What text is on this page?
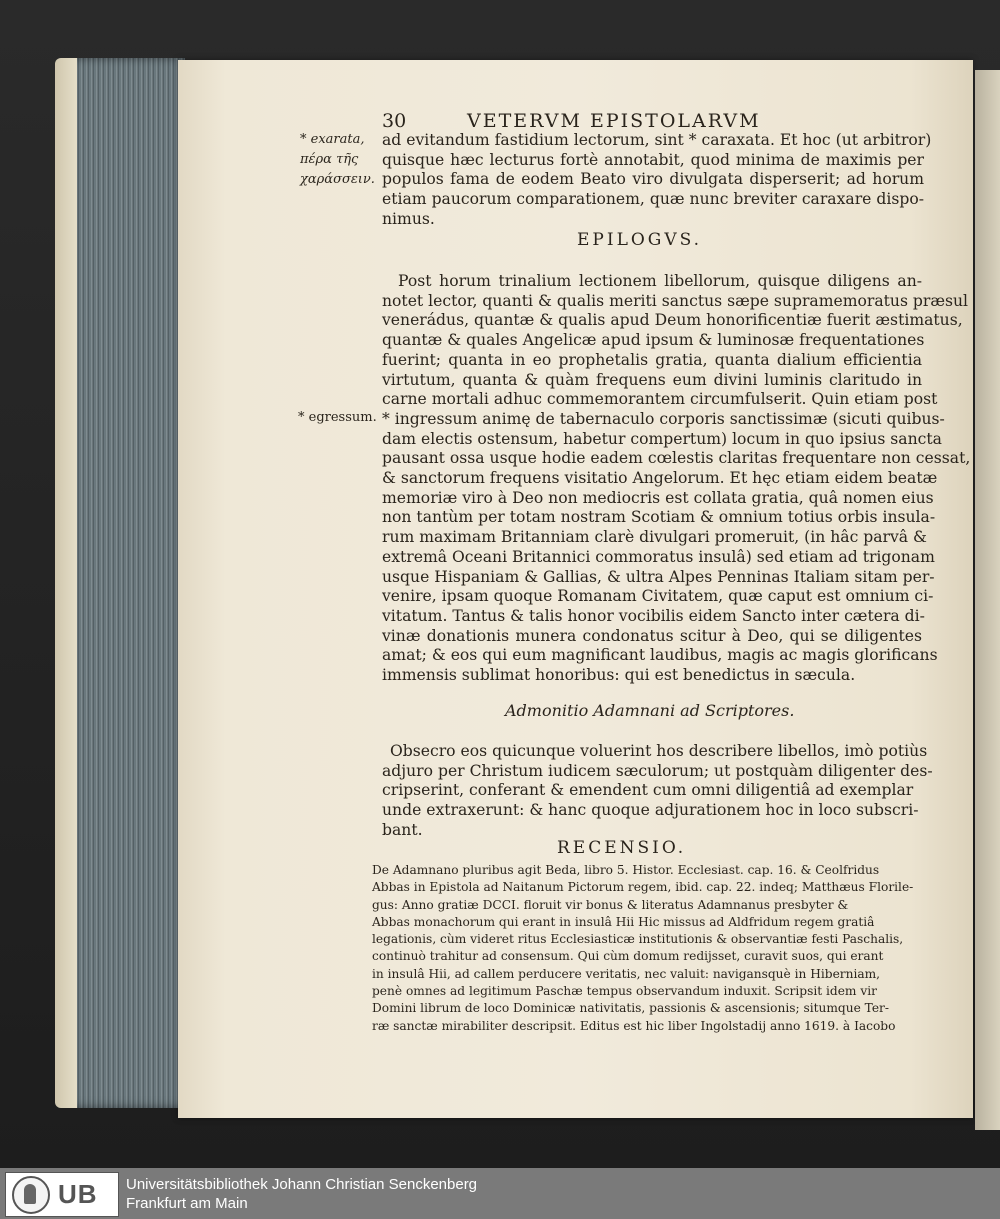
30	VETERVM EPISTOLARVM
* exarata,
πέρα τῆς
χαράσσειν.
ad evitandum fastidium lectorum, sint * caraxata. Et hoc (ut arbitror)
quisque hæc lecturus fortè annotabit, quod minima de maximis per
populos fama de eodem Beato viro divulgata disperserit; ad horum
etiam paucorum comparationem, quæ nunc breviter caraxare dispo-
nimus.
EPILOGVS.
* egressum.
Post horum trinalium lectionem libellorum, quisque diligens an-
notet lector, quanti & qualis meriti sanctus sæpe supramemoratus præsul
venerádus, quantæ & qualis apud Deum honorificentiæ fuerit æstimatus,
quantæ & quales Angelicæ apud ipsum & luminosæ frequentationes
fuerint; quanta in eo prophetalis gratia, quanta dialium efficientia
virtutum, quanta & quàm frequens eum divini luminis claritudo in
carne mortali adhuc commemorantem circumfulserit. Quin etiam post
* ingressum animę de tabernaculo corporis sanctissimæ (sicuti quibus-
dam electis ostensum, habetur compertum) locum in quo ipsius sancta
pausant ossa usque hodie eadem cœlestis claritas frequentare non cessat,
& sanctorum frequens visitatio Angelorum. Et hęc etiam eidem beatæ
memoriæ viro à Deo non mediocris est collata gratia, quâ nomen eius
non tantùm per totam nostram Scotiam & omnium totius orbis insula-
rum maximam Britanniam clarè divulgari promeruit, (in hâc parvâ &
extremâ Oceani Britannici commoratus insulâ) sed etiam ad trigonam
usque Hispaniam & Gallias, & ultra Alpes Penninas Italiam sitam per-
venire, ipsam quoque Romanam Civitatem, quæ caput est omnium ci-
vitatum. Tantus & talis honor vocibilis eidem Sancto inter cætera di-
vinæ donationis munera condonatus scitur à Deo, qui se diligentes
amat; & eos qui eum magnificant laudibus, magis ac magis glorificans
immensis sublimat honoribus: qui est benedictus in sæcula.
Admonitio Adamnani ad Scriptores.
Obsecro eos quicunque voluerint hos describere libellos, imò potiùs
adjuro per Christum iudicem sæculorum; ut postquàm diligenter des-
cripserint, conferant & emendent cum omni diligentiâ ad exemplar
unde extraxerunt: & hanc quoque adjurationem hoc in loco subscri-
bant.
RECENSIO.
De Adamnano pluribus agit Beda, libro 5. Histor. Ecclesiast. cap. 16. & Ceolfridus
Abbas in Epistola ad Naitanum Pictorum regem, ibid. cap. 22. indeq; Matthæus Florile-
gus: Anno gratiæ DCCI. floruit vir bonus & literatus Adamnanus presbyter &
Abbas monachorum qui erant in insulâ Hii Hic missus ad Aldfridum regem gratiâ
legationis, cùm videret ritus Ecclesiasticæ institutionis & observantiæ festi Paschalis,
continuò trahitur ad consensum. Qui cùm domum redijsset, curavit suos, qui erant
in insulâ Hii, ad callem perducere veritatis, nec valuit: navigansquè in Hiberniam,
penè omnes ad legitimum Paschæ tempus observandum induxit. Scripsit idem vir
Domini librum de loco Dominicæ nativitatis, passionis & ascensionis; situmque Ter-
ræ sanctæ mirabiliter descripsit. Editus est hic liber Ingolstadij anno 1619. à Iacobo
UB Universitätsbibliothek Johann Christian Senckenberg
Frankfurt am Main
